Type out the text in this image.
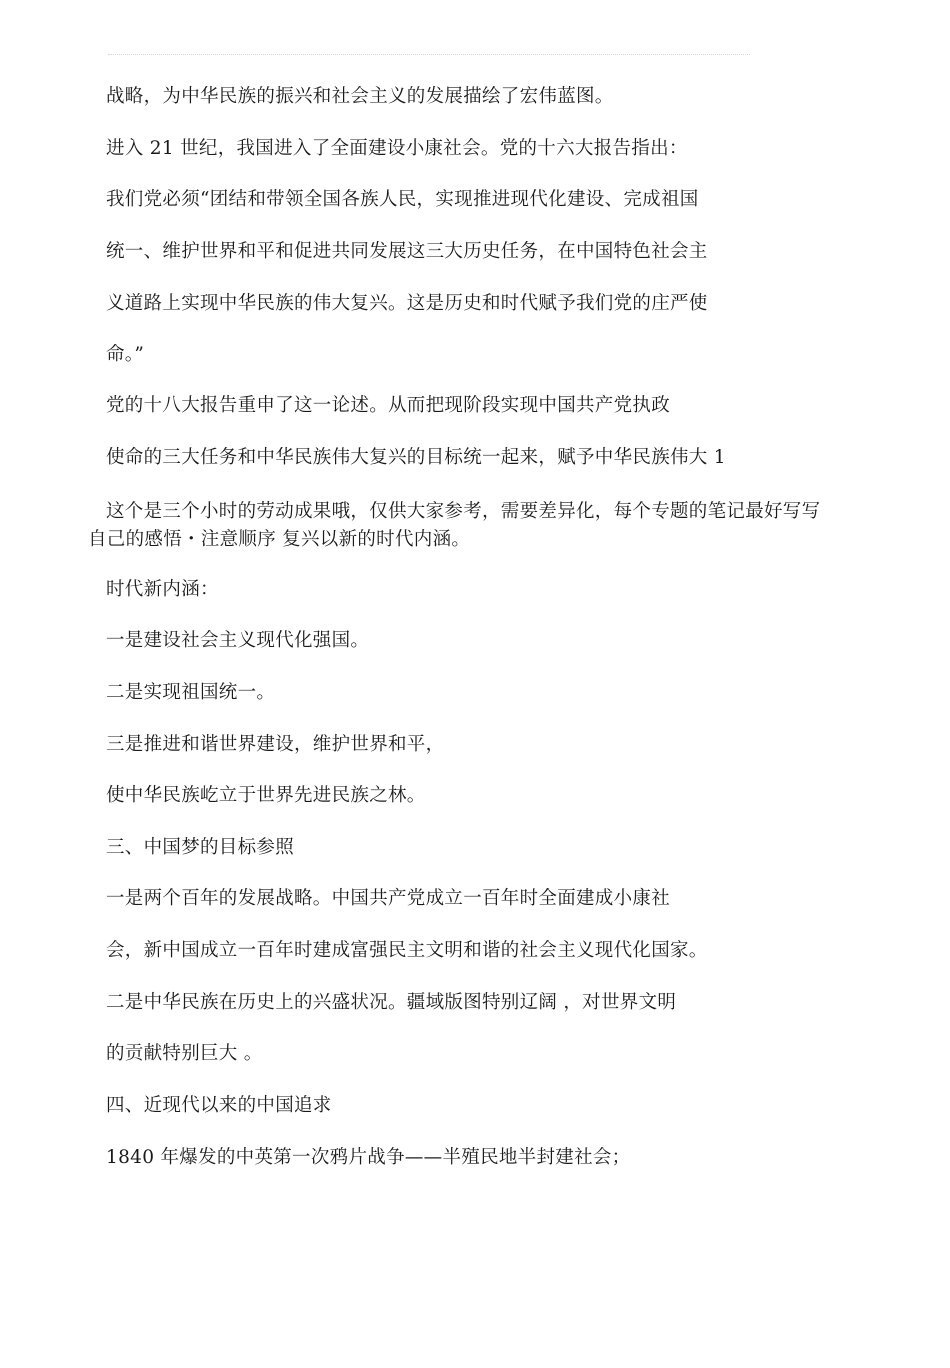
战略，为中华民族的振兴和社会主义的发展描绘了宏伟蓝图。
进入 21 世纪，我国进入了全面建设小康社会。党的十六大报告指出：
我们党必须“团结和带领全国各族人民，实现推进现代化建设、完成祖国
统一、维护世界和平和促进共同发展这三大历史任务，在中国特色社会主
义道路上实现中华民族的伟大复兴。这是历史和时代赋予我们党的庄严使
命。”
党的十八大报告重申了这一论述。从而把现阶段实现中国共产党执政
使命的三大任务和中华民族伟大复兴的目标统一起来，赋予中华民族伟大 1
这个是三个小时的劳动成果哦，仅供大家参考，需要差异化，每个专题的笔记最好写写
自己的感悟・注意顺序 复兴以新的时代内涵。
时代新内涵：
一是建设社会主义现代化强国。
二是实现祖国统一。
三是推进和谐世界建设，维护世界和平，
使中华民族屹立于世界先进民族之林。
三、中国梦的目标参照
一是两个百年的发展战略。中国共产党成立一百年时全面建成小康社
会，新中国成立一百年时建成富强民主文明和谐的社会主义现代化国家。
二是中华民族在历史上的兴盛状况。疆域版图特别辽阔 ，对世界文明
的贡献特别巨大 。
四、近现代以来的中国追求
1840 年爆发的中英第一次鸦片战争——半殖民地半封建社会；
